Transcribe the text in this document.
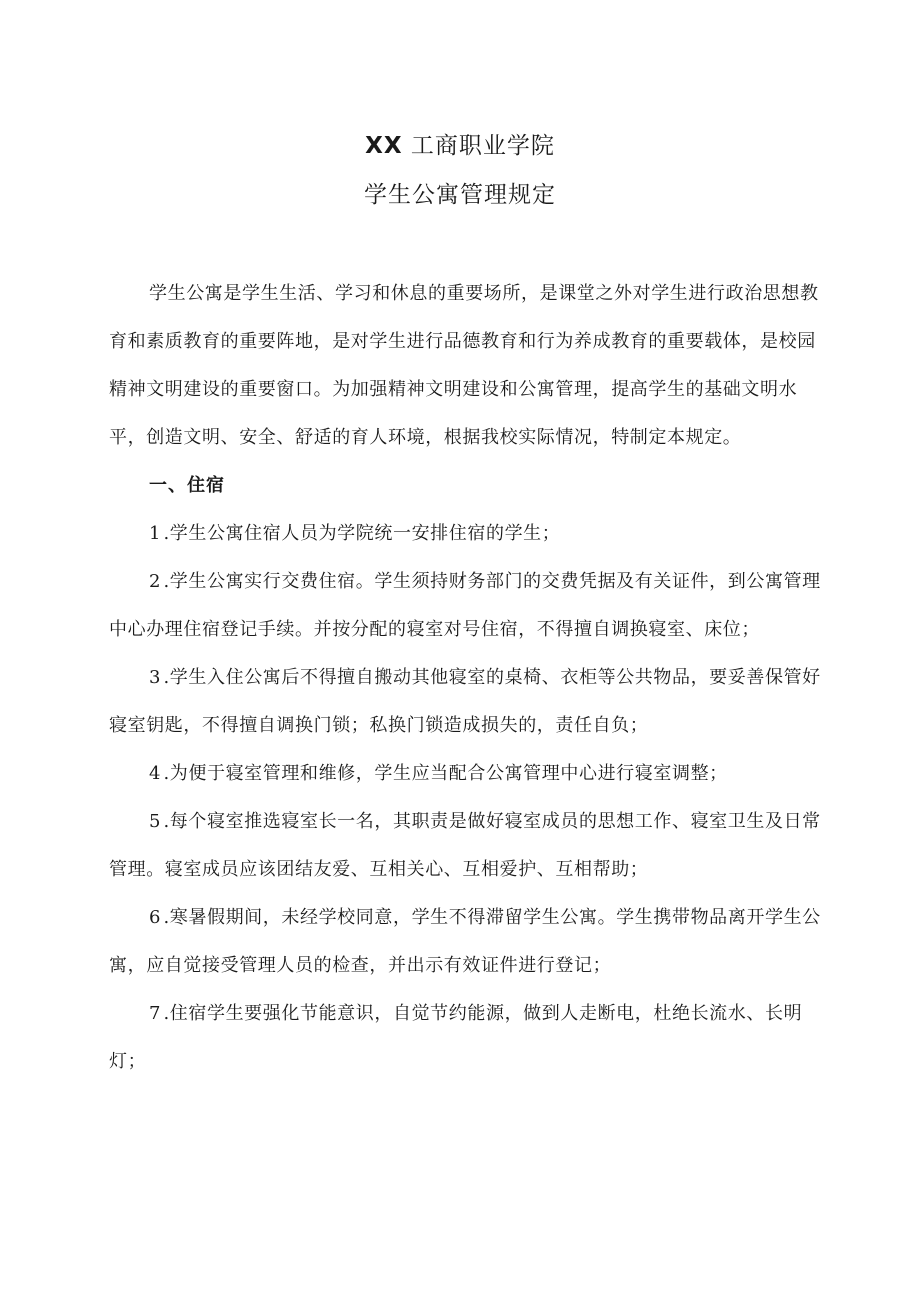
XX 工商职业学院
学生公寓管理规定

学生公寓是学生生活、学习和休息的重要场所，是课堂之外对学生进行政治思想教育和素质教育的重要阵地，是对学生进行品德教育和行为养成教育的重要载体，是校园精神文明建设的重要窗口。为加强精神文明建设和公寓管理，提高学生的基础文明水平，创造文明、安全、舒适的育人环境，根据我校实际情况，特制定本规定。

一、住宿

1.学生公寓住宿人员为学院统一安排住宿的学生；

2.学生公寓实行交费住宿。学生须持财务部门的交费凭据及有关证件，到公寓管理中心办理住宿登记手续。并按分配的寝室对号住宿，不得擅自调换寝室、床位；

3.学生入住公寓后不得擅自搬动其他寝室的桌椅、衣柜等公共物品，要妥善保管好寝室钥匙，不得擅自调换门锁；私换门锁造成损失的，责任自负；

4.为便于寝室管理和维修，学生应当配合公寓管理中心进行寝室调整；

5.每个寝室推选寝室长一名，其职责是做好寝室成员的思想工作、寝室卫生及日常管理。寝室成员应该团结友爱、互相关心、互相爱护、互相帮助；

6.寒暑假期间，未经学校同意，学生不得滞留学生公寓。学生携带物品离开学生公寓，应自觉接受管理人员的检查，并出示有效证件进行登记；

7.住宿学生要强化节能意识，自觉节约能源，做到人走断电，杜绝长流水、长明灯；
